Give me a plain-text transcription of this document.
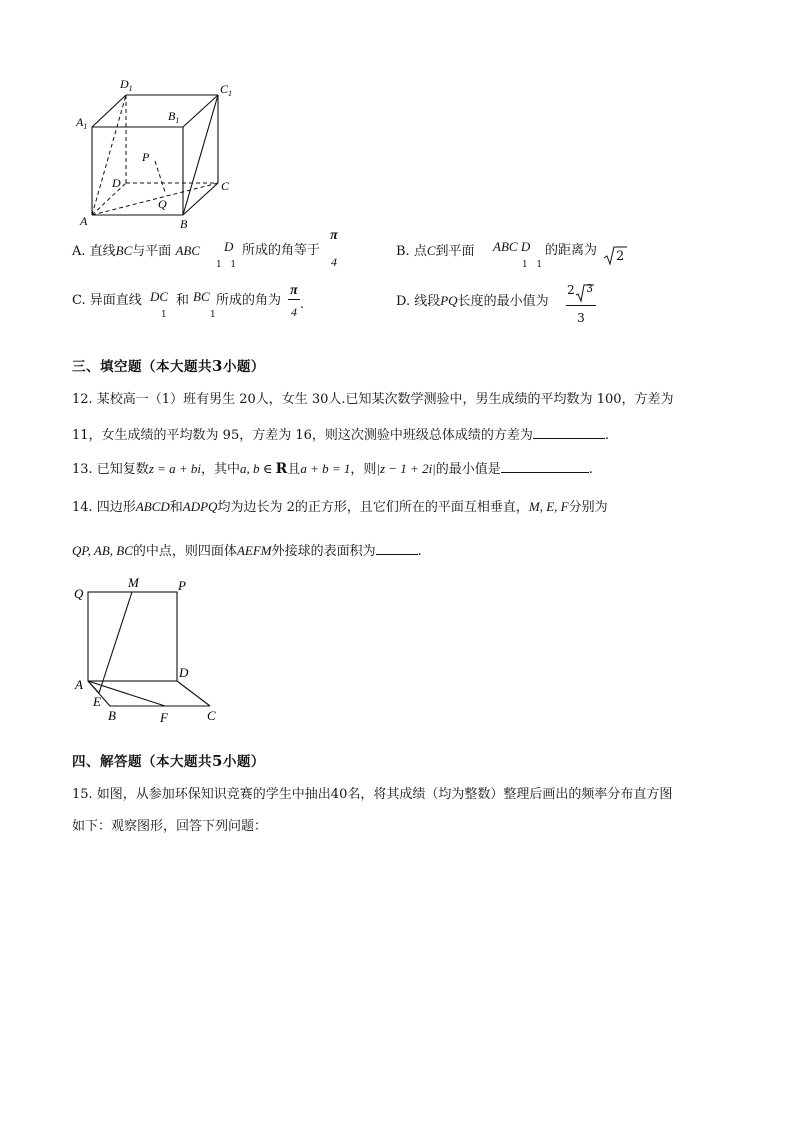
$D_1$	$C_1$
$A_1$
$B_1$
P
D	C
Q
A	B
A. 直线BC与平面 ABC D
1 1
所成的角等于
π
4
B. 点C到平面 ABC D
1 1
的距离为 2
C. 异面直线 DC
1
和 BC
1
所成的角为
π
4 .	D. 线段PQ长度的最小值为
2 3
3
三、填空题（本大题共3小题）
12. 某校高一（1）班有男生 20人，女生 30人.已知某次数学测验中，男生成绩的平均数为 100，方差为
11，女生成绩的平均数为 95，方差为 16，则这次测验中班级总体成绩的方差为	.
13. 已知复数z = a + bi，其中a, b ∈ R且a + b = 1，则|z − 1 + 2i|的最小值是	.
14. 四边形ABCD和ADPQ均为边长为 2的正方形，且它们所在的平面互相垂直，M, E, F分别为
QP, AB, BC的中点，则四面体AEFM外接球的表面积为	.
M	P
Q
D
A
E
B	F	C
四、解答题（本大题共5小题）
15. 如图，从参加环保知识竞赛的学生中抽出40名，将其成绩（均为整数）整理后画出的频率分布直方图
如下：观察图形，回答下列问题：
